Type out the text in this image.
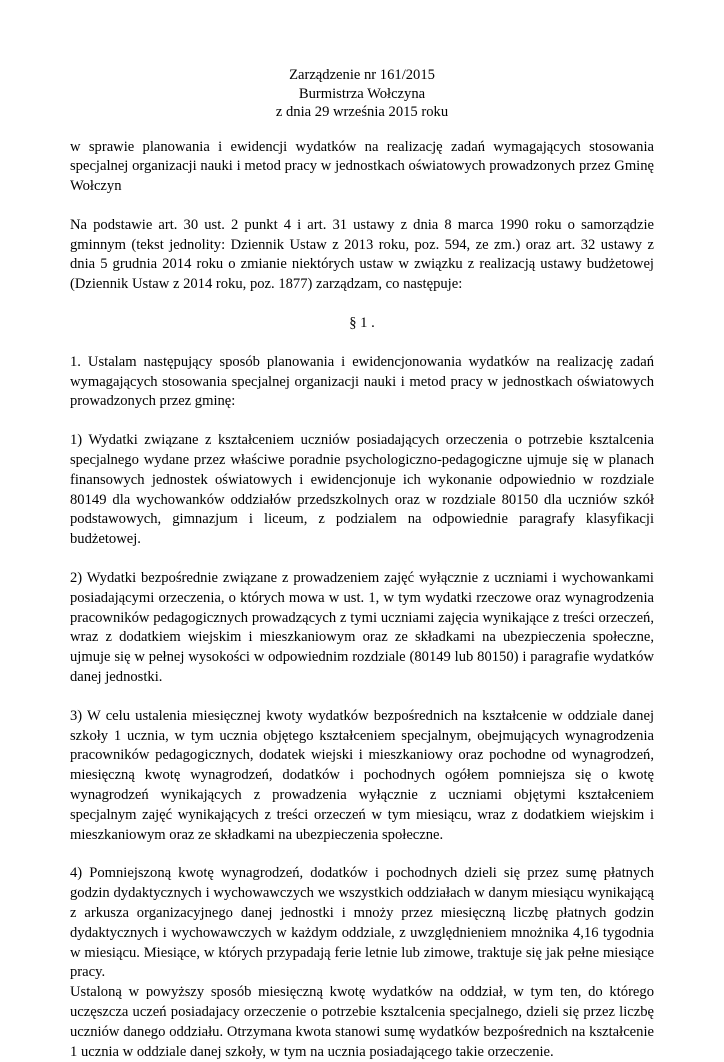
Zarządzenie nr 161/2015
Burmistrza Wołczyna
z dnia 29 września 2015 roku

w sprawie planowania i ewidencji wydatków na realizację zadań wymagających stosowania specjalnej organizacji nauki i metod pracy w jednostkach oświatowych prowadzonych przez Gminę Wołczyn

Na podstawie art. 30 ust. 2 punkt 4 i art. 31 ustawy z dnia 8 marca 1990 roku o samorządzie gminnym (tekst jednolity: Dziennik Ustaw z 2013 roku, poz. 594, ze zm.) oraz art. 32 ustawy z dnia 5 grudnia 2014 roku o zmianie niektórych ustaw w związku z realizacją ustawy budżetowej (Dziennik Ustaw z 2014 roku, poz. 1877) zarządzam, co następuje:

§ 1 .

1. Ustalam następujący sposób planowania i ewidencjonowania wydatków na realizację zadań wymagających stosowania specjalnej organizacji nauki i metod pracy w jednostkach oświatowych prowadzonych przez gminę:

1) Wydatki związane z kształceniem uczniów posiadających orzeczenia o potrzebie ksztalcenia specjalnego wydane przez właściwe poradnie psychologiczno-pedagogiczne ujmuje się w planach finansowych jednostek oświatowych i ewidencjonuje ich wykonanie odpowiednio w rozdziale 80149 dla wychowanków oddziałów przedszkolnych oraz w rozdziale 80150 dla uczniów szkół podstawowych, gimnazjum i liceum, z podzialem na odpowiednie paragrafy klasyfikacji budżetowej.

2) Wydatki bezpośrednie związane z prowadzeniem zajęć wyłącznie z uczniami i wychowankami posiadającymi orzeczenia, o których mowa w ust. 1, w tym wydatki rzeczowe oraz wynagrodzenia pracowników pedagogicznych prowadzących z tymi uczniami zajęcia wynikające z treści orzeczeń, wraz z dodatkiem wiejskim i mieszkaniowym oraz ze składkami na ubezpieczenia społeczne, ujmuje się w pełnej wysokości w odpowiednim rozdziale (80149 lub 80150) i paragrafie wydatków danej jednostki.

3) W celu ustalenia miesięcznej kwoty wydatków bezpośrednich na kształcenie w oddziale danej szkoły 1 ucznia, w tym ucznia objętego kształceniem specjalnym, obejmujących wynagrodzenia pracowników pedagogicznych, dodatek wiejski i mieszkaniowy oraz pochodne od wynagrodzeń, miesięczną kwotę wynagrodzeń, dodatków i pochodnych ogółem pomniejsza się o kwotę wynagrodzeń wynikających z prowadzenia wyłącznie z uczniami objętymi kształceniem specjalnym zajęć wynikających z treści orzeczeń w tym miesiącu, wraz z dodatkiem wiejskim i mieszkaniowym oraz ze składkami na ubezpieczenia społeczne.

4) Pomniejszoną kwotę wynagrodzeń, dodatków i pochodnych dzieli się przez sumę płatnych godzin dydaktycznych i wychowawczych we wszystkich oddziałach w danym miesiącu wynikającą z arkusza organizacyjnego danej jednostki i mnoży przez miesięczną liczbę płatnych godzin dydaktycznych i wychowawczych w każdym oddziale, z uwzględnieniem mnożnika 4,16 tygodnia w miesiącu. Miesiące, w których przypadają ferie letnie lub zimowe, traktuje się jak pełne miesiące pracy.

Ustaloną w powyższy sposób miesięczną kwotę wydatków na oddział, w tym ten, do którego uczęszcza uczeń posiadajacy orzeczenie o potrzebie ksztalcenia specjalnego, dzieli się przez liczbę uczniów danego oddziału. Otrzymana kwota stanowi sumę wydatków bezpośrednich na kształcenie 1 ucznia w oddziale danej szkoły, w tym na ucznia posiadającego takie orzeczenie.
